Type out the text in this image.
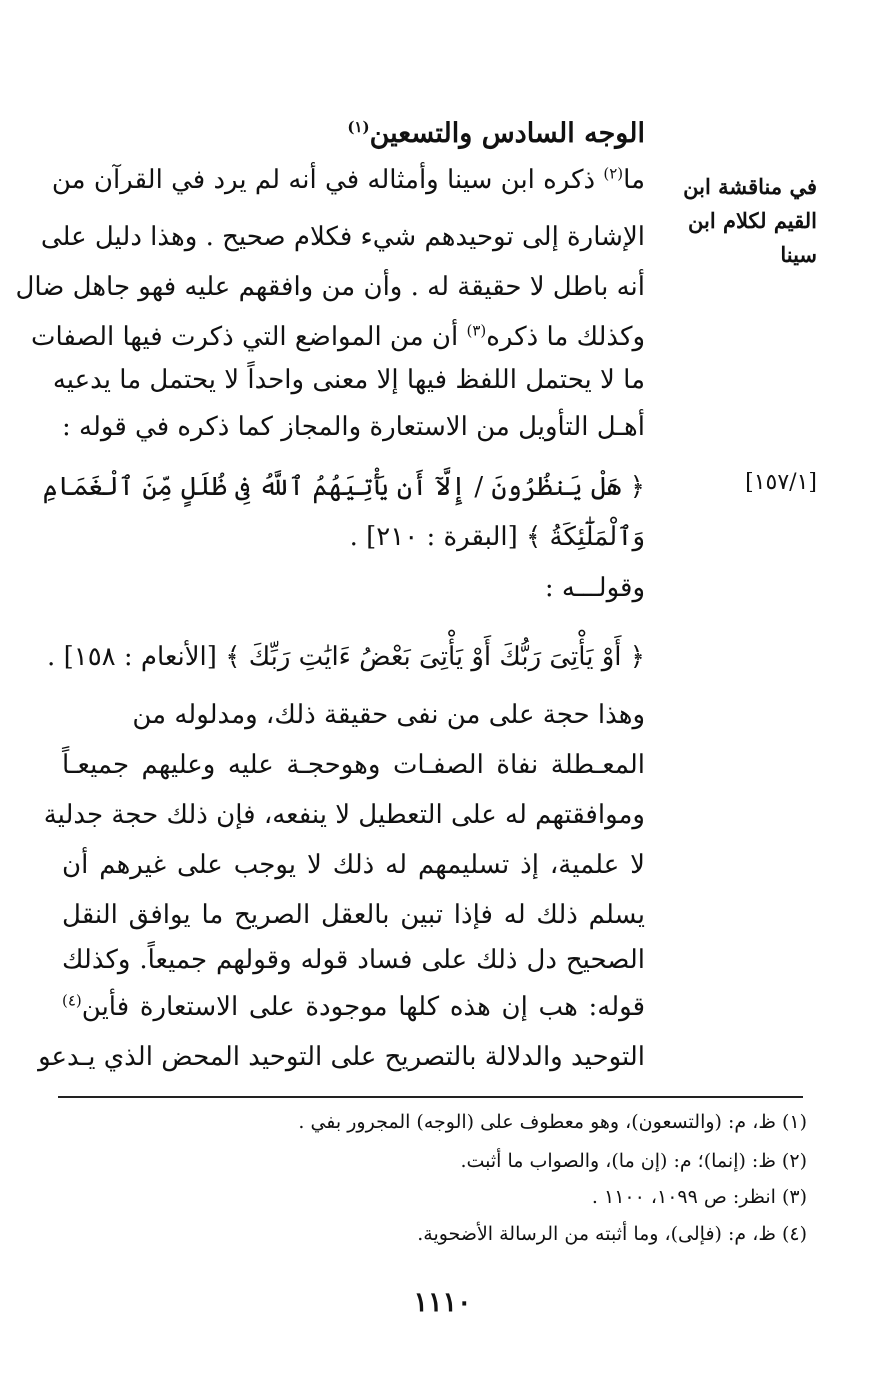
الوجه السادس والتسعين$^{(١)}$
في مناقشة ابن القيم لكلام ابن سينا
[١٥٧/١]
ما$^{(٢)}$ ذكره ابن سينا وأمثاله في أنه لم يرد في القرآن من
الإشارة إلى توحيدهم شيء فكلام صحيح . وهذا دليل على
أنه باطل لا حقيقة له . وأن من وافقهم عليه فهو جاهل ضال
وكذلك ما ذكره$^{(٣)}$ أن من المواضع التي ذكرت فيها الصفات
ما لا يحتمل اللفظ فيها إلا معنى واحداً لا يحتمل ما يدعيه
أهـل التأويل من الاستعارة والمجاز كما ذكره في قوله :
﴿ هَلْ يَنظُرُونَ / إِلَّآ أَن يَأْتِيَهُمُ ٱللَّهُ فِى ظُلَلٍ مِّنَ ٱلْغَمَامِ
وَٱلْمَلَٰٓئِكَةُ ﴾ [البقرة : ٢١٠] .
وقولـــه :
﴿ أَوْ يَأْتِىَ رَبُّكَ أَوْ يَأْتِىَ بَعْضُ ءَايَٰتِ رَبِّكَ ﴾ [الأنعام : ١٥٨] .
وهذا حجة على من نفى حقيقة ذلك، ومدلوله من
المعـطلة نفاة الصفـات وهوحجـة عليه وعليهم جميعـاً
وموافقتهم له على التعطيل لا ينفعه، فإن ذلك حجة جدلية
لا علمية، إذ تسليمهم له ذلك لا يوجب على غيرهم أن
يسلم ذلك له فإذا تبين بالعقل الصريح ما يوافق النقل
الصحيح دل ذلك على فساد قوله وقولهم جميعاً. وكذلك
قوله: هب إن هذه كلها موجودة على الاستعارة فأين$^{(٤)}$
التوحيد والدلالة بالتصريح على التوحيد المحض الذي يـدعو
(١) ظ، م: (والتسعون)، وهو معطوف على (الوجه) المجرور بفي .
(٢) ظ: (إنما)؛ م: (إن ما)، والصواب ما أثبت.
(٣) انظر: ص ١٠٩٩، ١١٠٠ .
(٤) ظ، م: (فإلى)، وما أثبته من الرسالة الأضحوية.
١١١٠
